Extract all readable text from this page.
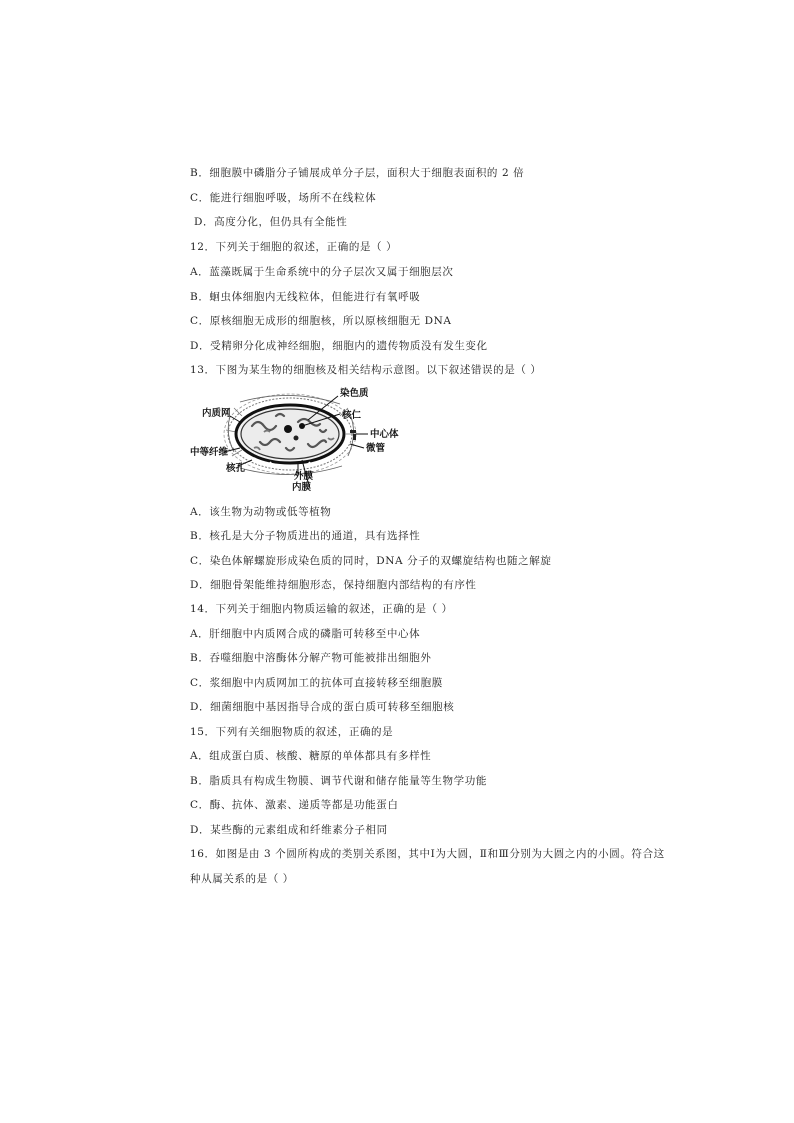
B．细胞膜中磷脂分子铺展成单分子层，面积大于细胞表面积的 2 倍
C．能进行细胞呼吸，场所不在线粒体
D．高度分化，但仍具有全能性
12．下列关于细胞的叙述，正确的是（ ）
A．蓝藻既属于生命系统中的分子层次又属于细胞层次
B．蛔虫体细胞内无线粒体，但能进行有氧呼吸
C．原核细胞无成形的细胞核，所以原核细胞无 DNA
D．受精卵分化成神经细胞，细胞内的遗传物质没有发生变化
13．下图为某生物的细胞核及相关结构示意图。以下叙述错误的是（ ）
染色质
核仁
内质网
中心体
微管
中等纤维
核孔
外膜
内膜
A．该生物为动物或低等植物
B．核孔是大分子物质进出的通道，具有选择性
C．染色体解螺旋形成染色质的同时，DNA 分子的双螺旋结构也随之解旋
D．细胞骨架能维持细胞形态，保持细胞内部结构的有序性
14．下列关于细胞内物质运输的叙述，正确的是（ ）
A．肝细胞中内质网合成的磷脂可转移至中心体
B．吞噬细胞中溶酶体分解产物可能被排出细胞外
C．浆细胞中内质网加工的抗体可直接转移至细胞膜
D．细菌细胞中基因指导合成的蛋白质可转移至细胞核
15．下列有关细胞物质的叙述，正确的是
A．组成蛋白质、核酸、糖原的单体都具有多样性
B．脂质具有构成生物膜、调节代谢和储存能量等生物学功能
C．酶、抗体、激素、递质等都是功能蛋白
D．某些酶的元素组成和纤维素分子相同
16．如图是由 3 个圆所构成的类别关系图，其中Ⅰ为大圆，Ⅱ和Ⅲ分别为大圆之内的小圆。符合这
种从属关系的是（ ）
